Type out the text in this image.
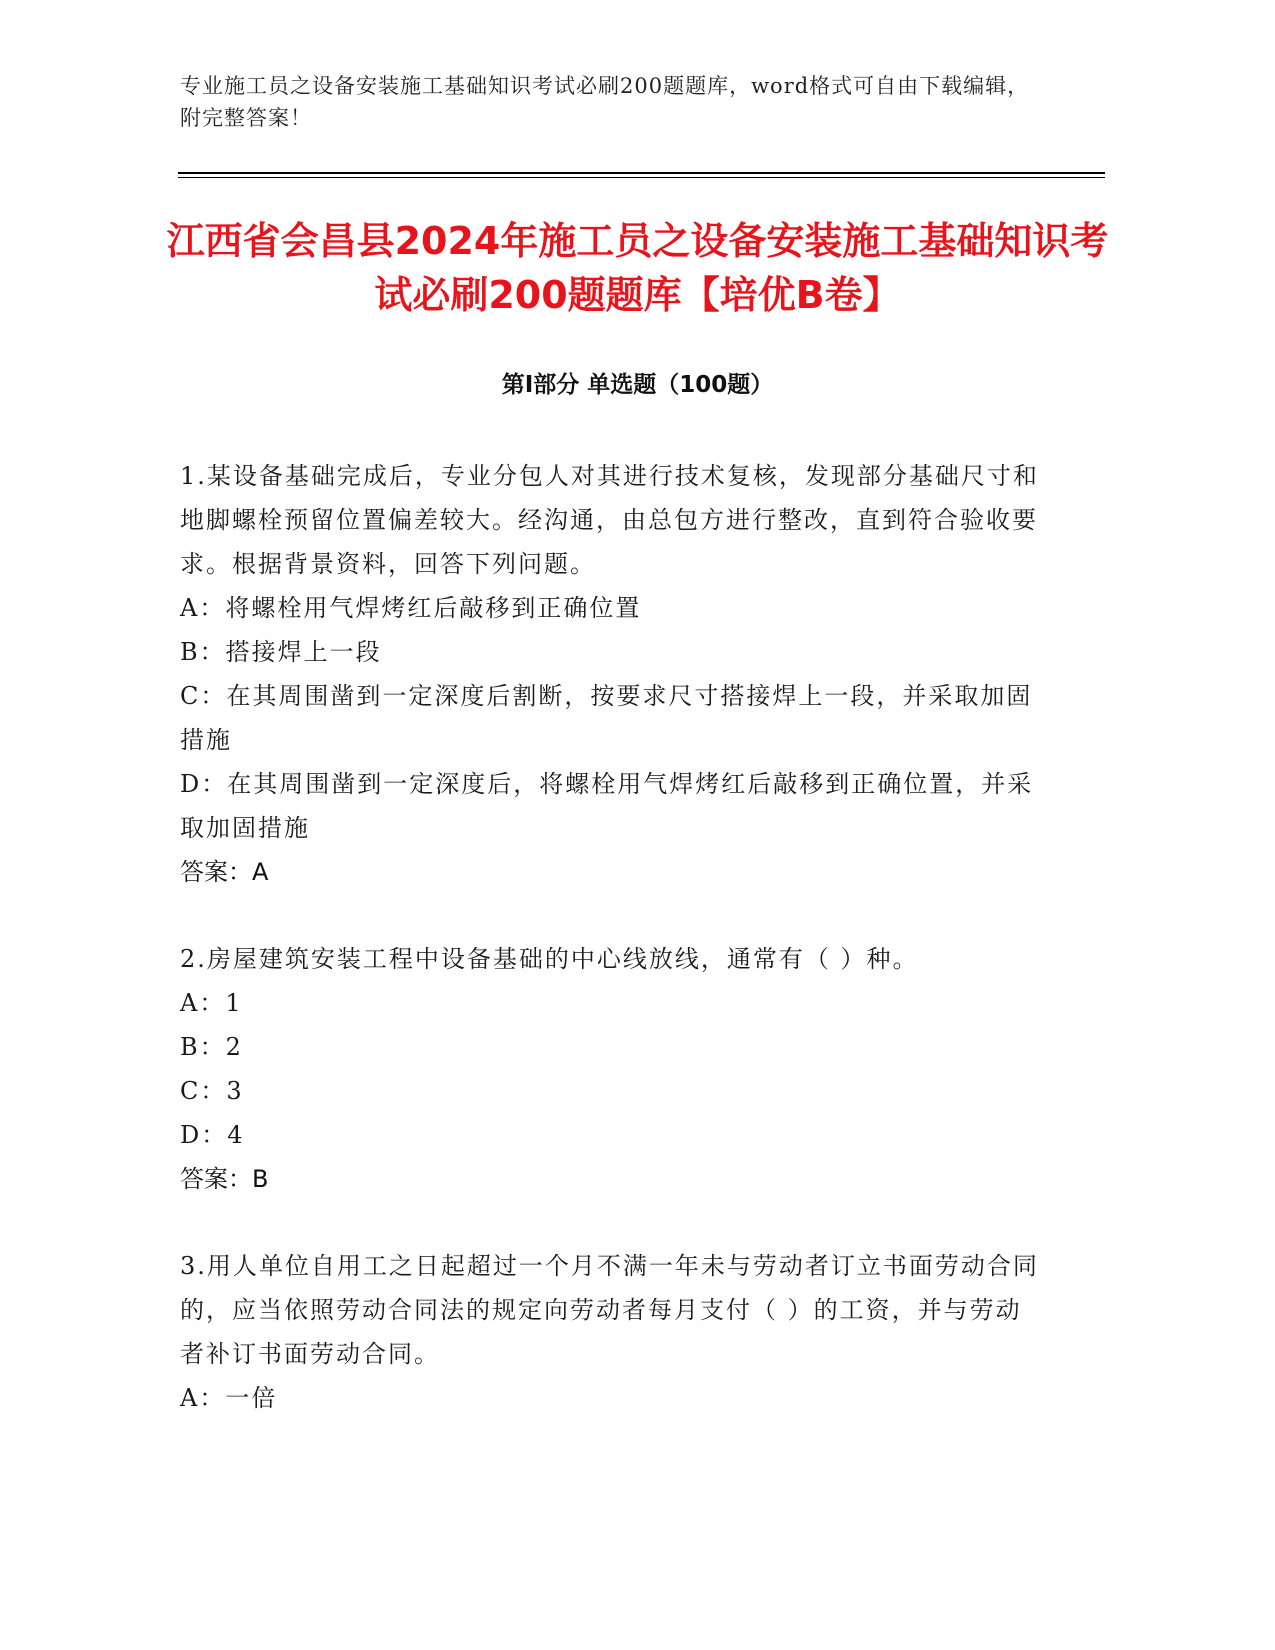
专业施工员之设备安装施工基础知识考试必刷200题题库，word格式可自由下载编辑，附完整答案！
江西省会昌县2024年施工员之设备安装施工基础知识考试必刷200题题库【培优B卷】
第Ⅰ部分 单选题（100题）

1.某设备基础完成后，专业分包人对其进行技术复核，发现部分基础尺寸和地脚螺栓预留位置偏差较大。经沟通，由总包方进行整改，直到符合验收要求。根据背景资料，回答下列问题。

A：将螺栓用气焊烤红后敲移到正确位置

B：搭接焊上一段

C：在其周围凿到一定深度后割断，按要求尺寸搭接焊上一段，并采取加固措施

D：在其周围凿到一定深度后，将螺栓用气焊烤红后敲移到正确位置，并采取加固措施

答案：A

2.房屋建筑安装工程中设备基础的中心线放线，通常有（ ）种。

A：1

B：2

C：3

D：4

答案：B

3.用人单位自用工之日起超过一个月不满一年未与劳动者订立书面劳动合同的，应当依照劳动合同法的规定向劳动者每月支付（ ）的工资，并与劳动者补订书面劳动合同。

A：一倍
